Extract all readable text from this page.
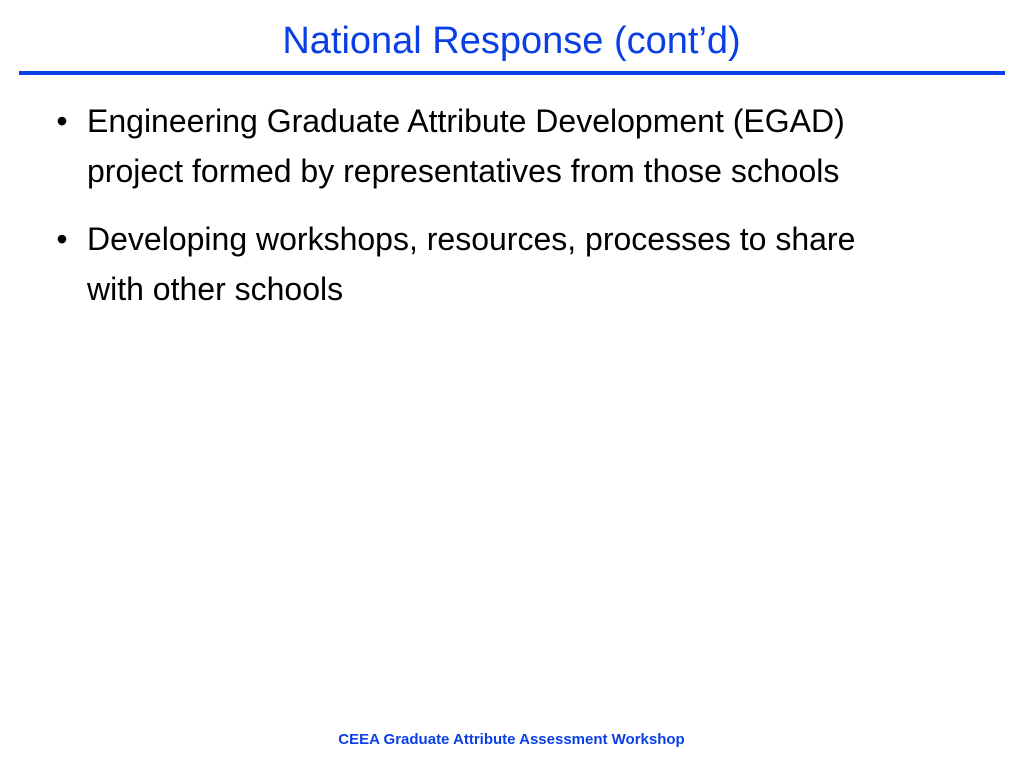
National Response (cont’d)
• Engineering Graduate Attribute Development (EGAD) project formed by representatives from those schools
• Developing workshops, resources, processes to share with other schools
CEEA Graduate Attribute Assessment Workshop
